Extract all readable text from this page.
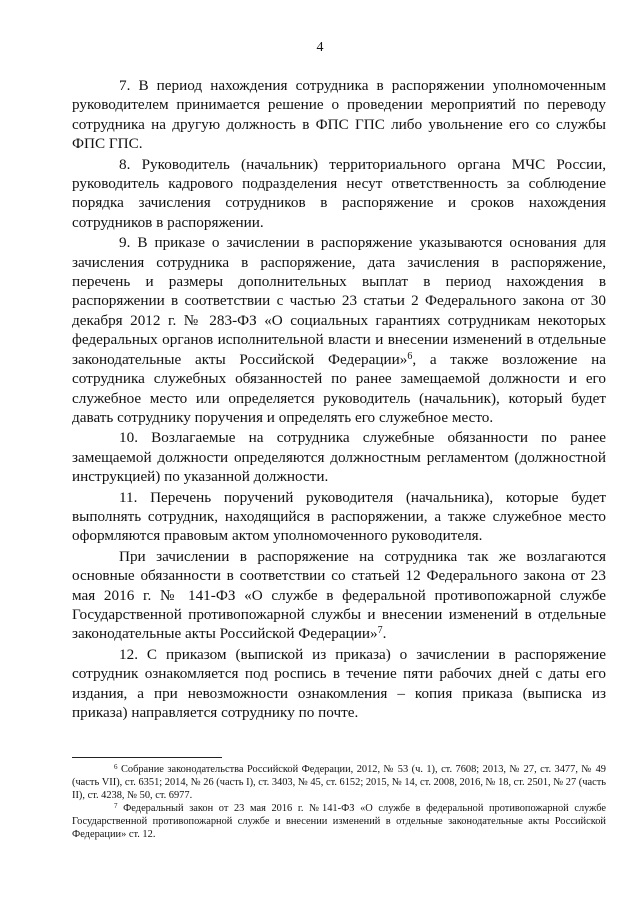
4

7. В период нахождения сотрудника в распоряжении уполномоченным руководителем принимается решение о проведении мероприятий по переводу сотрудника на другую должность в ФПС ГПС либо увольнение его со службы ФПС ГПС.

8. Руководитель (начальник) территориального органа МЧС России, руководитель кадрового подразделения несут ответственность за соблюдение порядка зачисления сотрудников в распоряжение и сроков нахождения сотрудников в распоряжении.

9. В приказе о зачислении в распоряжение указываются основания для зачисления сотрудника в распоряжение, дата зачисления в распоряжение, перечень и размеры дополнительных выплат в период нахождения в распоряжении в соответствии с частью 23 статьи 2 Федерального закона от 30 декабря 2012 г. № 283-ФЗ «О социальных гарантиях сотрудникам некоторых федеральных органов исполнительной власти и внесении изменений в отдельные законодательные акты Российской Федерации»$^6$, а также возложение на сотрудника служебных обязанностей по ранее замещаемой должности и его служебное место или определяется руководитель (начальник), который будет давать сотруднику поручения и определять его служебное место.

10. Возлагаемые на сотрудника служебные обязанности по ранее замещаемой должности определяются должностным регламентом (должностной инструкцией) по указанной должности.

11. Перечень поручений руководителя (начальника), которые будет выполнять сотрудник, находящийся в распоряжении, а также служебное место оформляются правовым актом уполномоченного руководителя.

При зачислении в распоряжение на сотрудника так же возлагаются основные обязанности в соответствии со статьей 12 Федерального закона от 23 мая 2016 г. № 141-ФЗ «О службе в федеральной противопожарной службе Государственной противопожарной службы и внесении изменений в отдельные законодательные акты Российской Федерации»$^7$.

12. С приказом (выпиской из приказа) о зачислении в распоряжение сотрудник ознакомляется под роспись в течение пяти рабочих дней с даты его издания, а при невозможности ознакомления – копия приказа (выписка из приказа) направляется сотруднику по почте.

$^6$ Собрание законодательства Российской Федерации, 2012, № 53 (ч. 1), ст. 7608; 2013, № 27, ст. 3477, № 49 (часть VII), ст. 6351; 2014, № 26 (часть I), ст. 3403, № 45, ст. 6152; 2015, № 14, ст. 2008, 2016, № 18, ст. 2501, № 27 (часть II), ст. 4238, № 50, ст. 6977.

$^7$ Федеральный закон от 23 мая 2016 г. №141-ФЗ «О службе в федеральной противопожарной службе Государственной противопожарной службе и внесении изменений в отдельные законодательные акты Российской Федерации» ст. 12.
